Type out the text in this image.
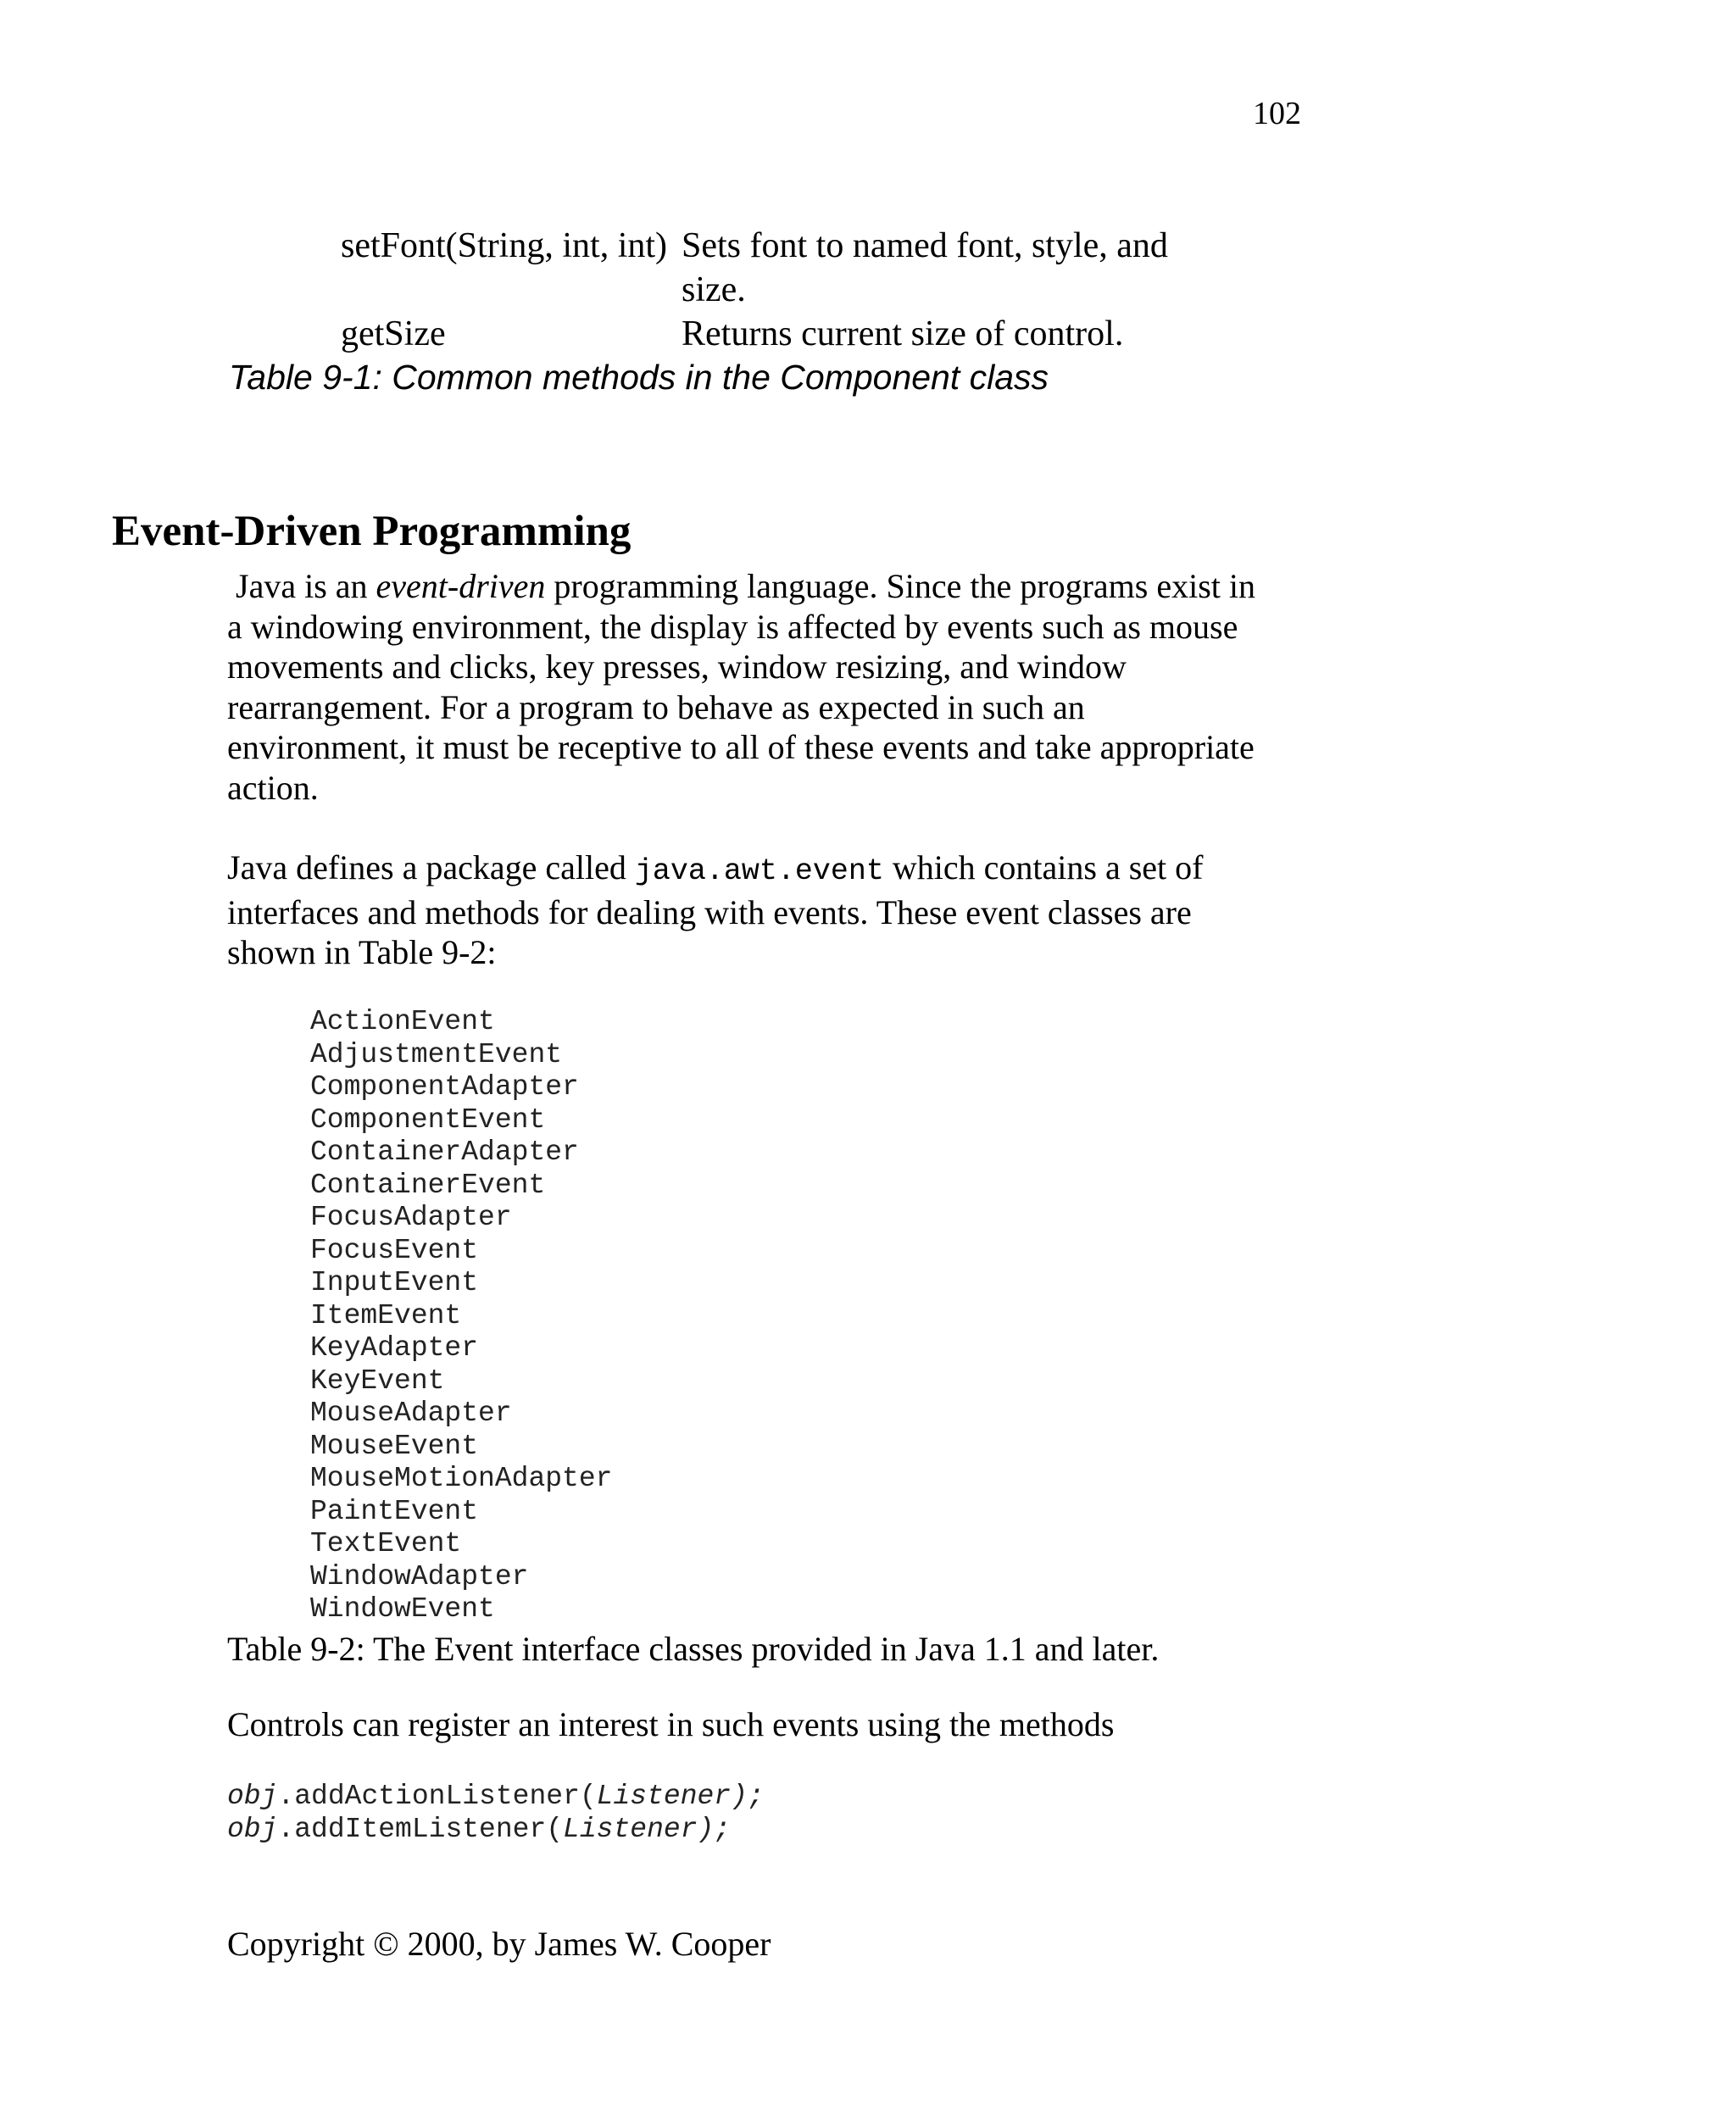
102
setFont(String, int, int) Sets font to named font, style, and
size.
getSize	Returns current size of control.
Table 9-1: Common methods in the Component class
Event-Driven Programming

Java is an event-driven programming language. Since the programs exist in

a windowing environment, the display is affected by events such as mouse

movements and clicks, key presses, window resizing, and window

rearrangement. For a program to behave as expected in such an

environment, it must be receptive to all of these events and take appropriate

action.

Java defines a package called java.awt.event which contains a set of

interfaces and methods for dealing with events. These event classes are

shown in Table 9-2:

ActionEvent
AdjustmentEvent
ComponentAdapter
ComponentEvent
ContainerAdapter
ContainerEvent
FocusAdapter
FocusEvent
InputEvent
ItemEvent
KeyAdapter
KeyEvent
MouseAdapter
MouseEvent
MouseMotionAdapter
PaintEvent
TextEvent
WindowAdapter
WindowEvent
Table 9-2: The Event interface classes provided in Java 1.1 and later.
Controls can register an interest in such events using the methods
obj.addActionListener(Listener);
obj.addItemListener(Listener);
Copyright © 2000, by James W. Cooper
